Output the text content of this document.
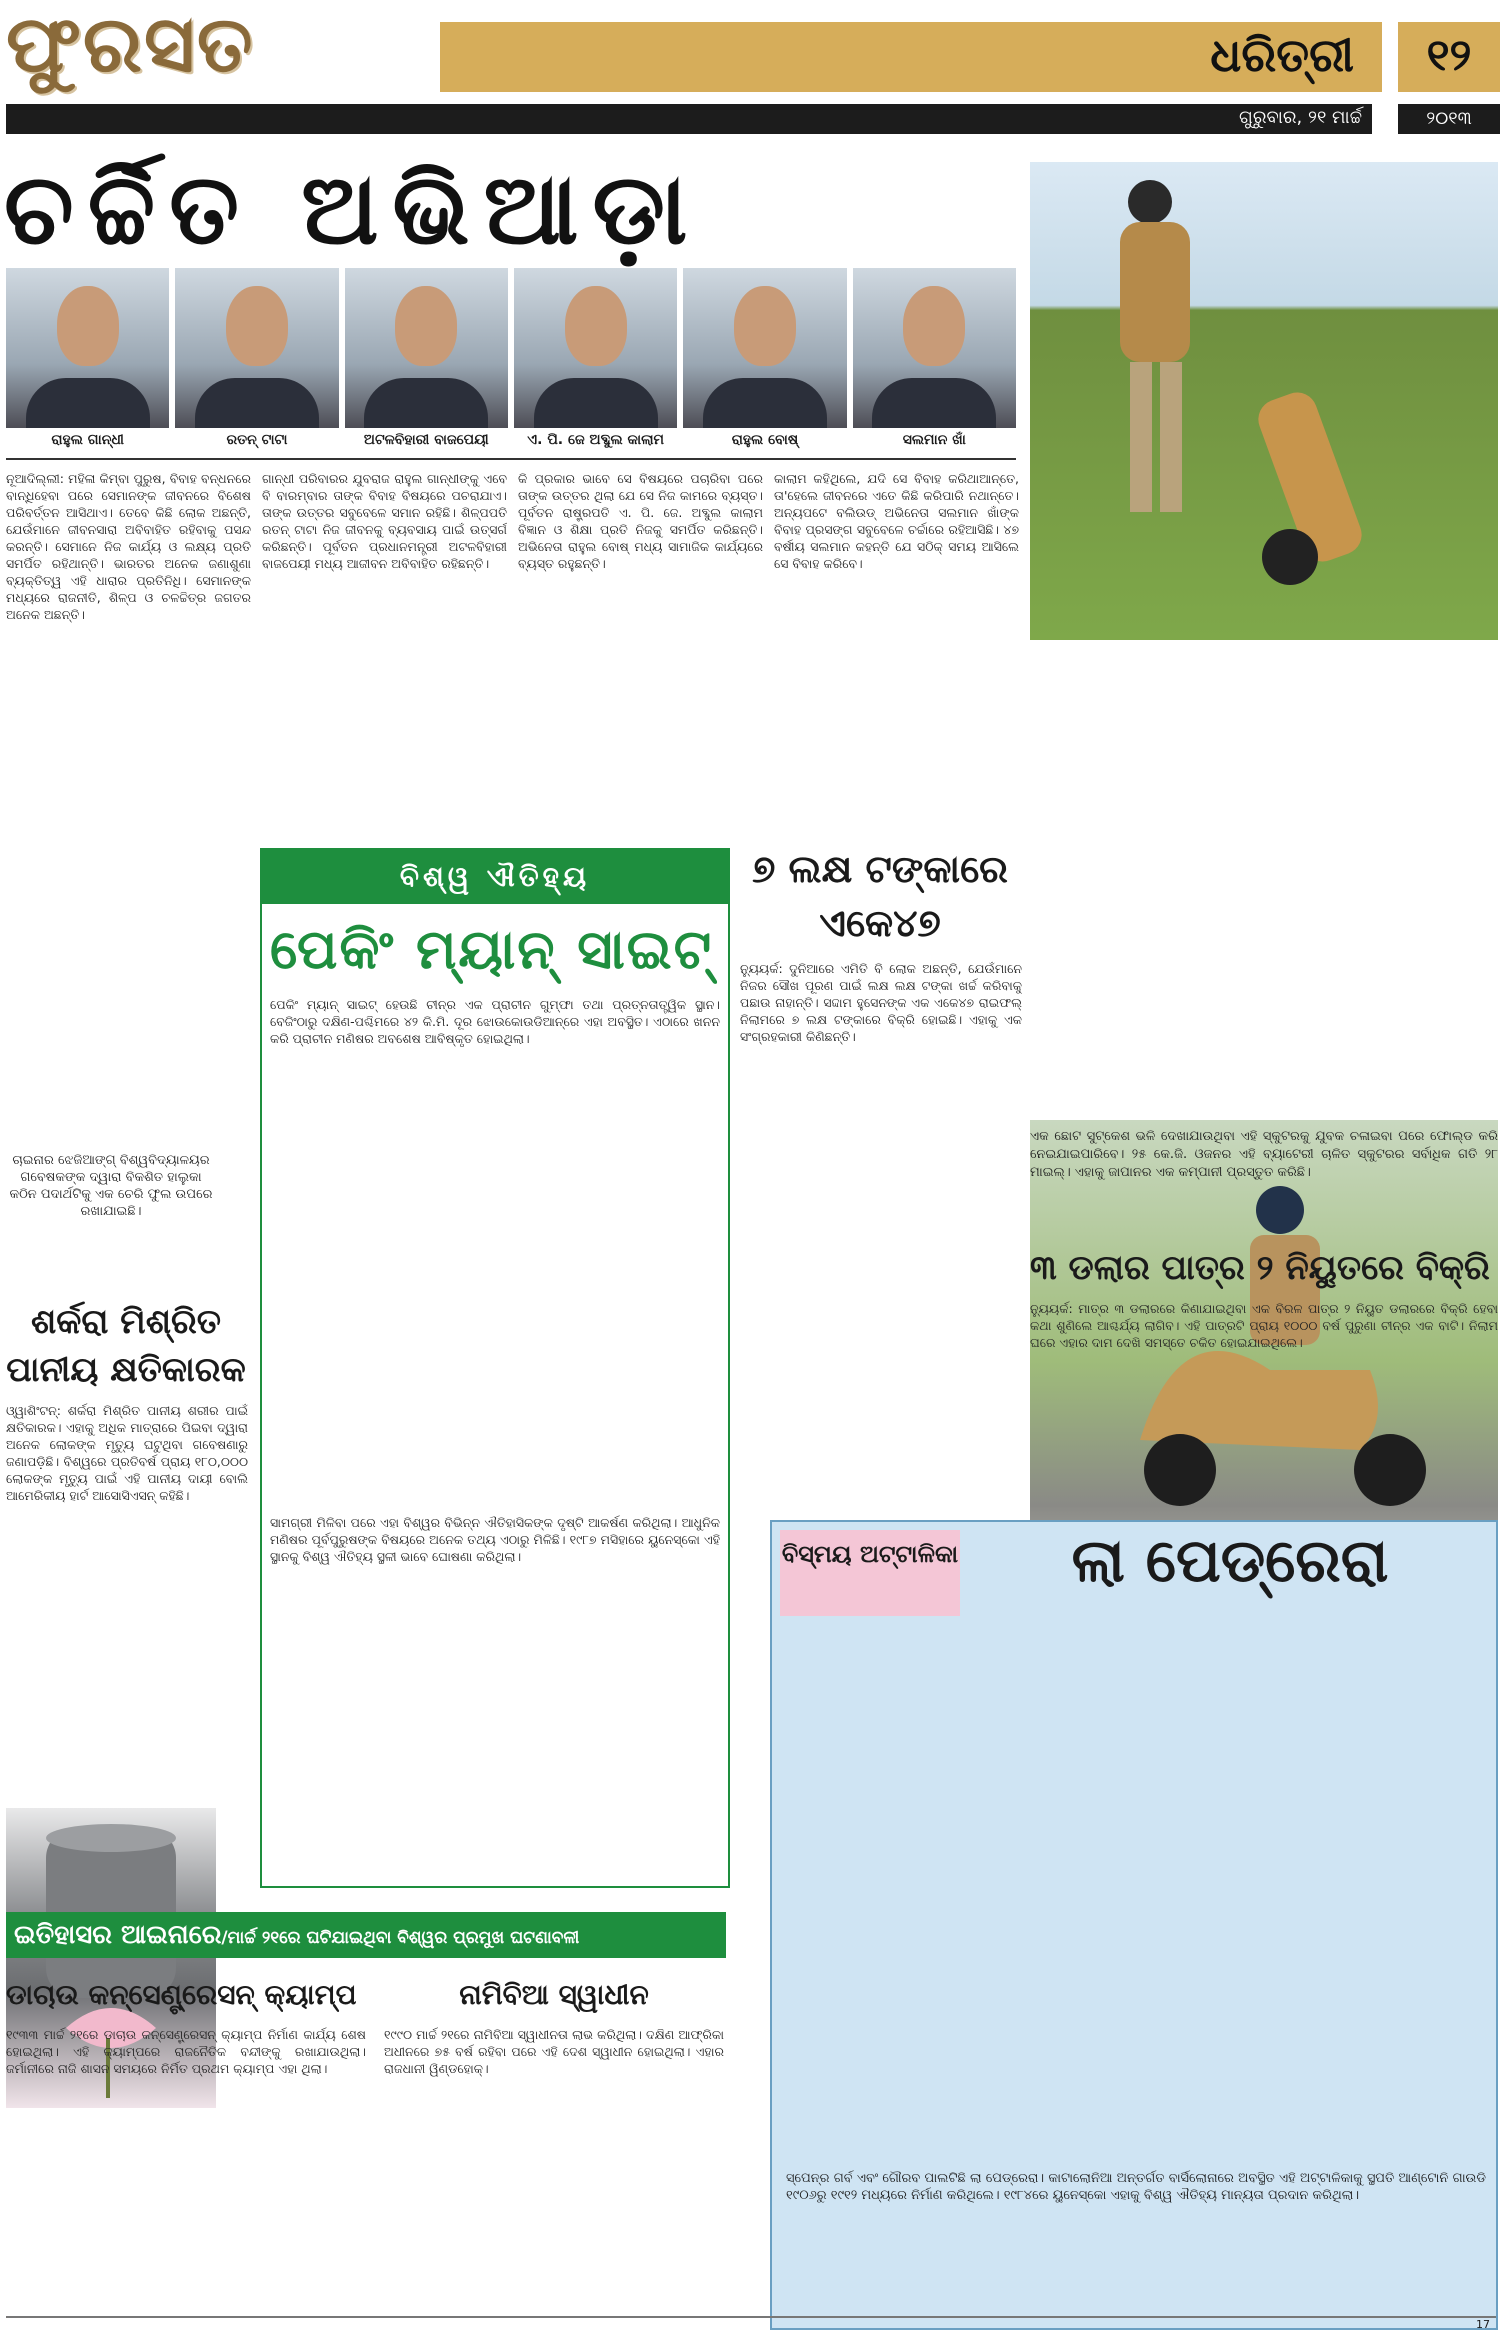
ଫୁରସତ	ଧରିତ୍ରୀ	୧୨
ଗୁରୁବାର, ୨୧ ମାର୍ଚ୍ଚ	୨୦୧୩
ଚର୍ଚ୍ଚିତ ଅଭିଆଡ଼ା
ରାହୁଲ ଗାନ୍ଧୀ	ରତନ୍ ଟାଟା	ଅଟଳବିହାରୀ ବାଜପେୟୀ	ଏ. ପି. ଜେ ଅବ୍ଦୁଲ କାଲାମ	ରାହୁଲ ବୋଷ୍	ସଲମାନ ଖାଁ
ନୂଆଦିଲ୍ଲୀ: ମହିଳା କିମ୍ବା ପୁରୁଷ, ବିବାହ ବନ୍ଧନରେ ବାନ୍ଧିହେବା ପରେ ସେମାନଙ୍କ ଜୀବନରେ ବିଶେଷ ପରିବର୍ତ୍ତନ ଆସିଥାଏ। ତେବେ କିଛି ଲୋକ ଅଛନ୍ତି, ଯେଉଁମାନେ ଜୀବନସାରା ଅବିବାହିତ ରହିବାକୁ ପସନ୍ଦ କରନ୍ତି। ସେମାନେ ନିଜ କାର୍ଯ୍ୟ ଓ ଲକ୍ଷ୍ୟ ପ୍ରତି ସମର୍ପିତ ରହିଥାନ୍ତି। ଭାରତର ଅନେକ ଜଣାଶୁଣା ବ୍ୟକ୍ତିତ୍ୱ ଏହି ଧାରାର ପ୍ରତିନିଧି। ସେମାନଙ୍କ ମଧ୍ୟରେ ରାଜନୀତି, ଶିଳ୍ପ ଓ ଚଳଚ୍ଚିତ୍ର ଜଗତର ଅନେକ ଅଛନ୍ତି।
ଗାନ୍ଧୀ ପରିବାରର ଯୁବରାଜ ରାହୁଲ ଗାନ୍ଧୀଙ୍କୁ ଏବେ ବି ବାରମ୍ବାର ତାଙ୍କ ବିବାହ ବିଷୟରେ ପଚରାଯାଏ। ତାଙ୍କ ଉତ୍ତର ସବୁବେଳେ ସମାନ ରହିଛି। ଶିଳ୍ପପତି ରତନ୍ ଟାଟା ନିଜ ଜୀବନକୁ ବ୍ୟବସାୟ ପାଇଁ ଉତ୍ସର୍ଗ କରିଛନ୍ତି। ପୂର୍ବତନ ପ୍ରଧାନମନ୍ତ୍ରୀ ଅଟଳବିହାରୀ ବାଜପେୟୀ ମଧ୍ୟ ଆଜୀବନ ଅବିବାହିତ ରହିଛନ୍ତି।
କି ପ୍ରକାର ଭାବେ ସେ ବିଷୟରେ ପଚାରିବା ପରେ ତାଙ୍କ ଉତ୍ତର ଥିଲା ଯେ ସେ ନିଜ କାମରେ ବ୍ୟସ୍ତ। ପୂର୍ବତନ ରାଷ୍ଟ୍ରପତି ଏ. ପି. ଜେ. ଅବ୍ଦୁଲ କାଲାମ ବିଜ୍ଞାନ ଓ ଶିକ୍ଷା ପ୍ରତି ନିଜକୁ ସମର୍ପିତ କରିଛନ୍ତି। ଅଭିନେତା ରାହୁଲ ବୋଷ୍ ମଧ୍ୟ ସାମାଜିକ କାର୍ଯ୍ୟରେ ବ୍ୟସ୍ତ ରହୁଛନ୍ତି।
କାଲାମ କହିଥିଲେ, ଯଦି ସେ ବିବାହ କରିଥାଆନ୍ତେ, ତା'ହେଲେ ଜୀବନରେ ଏତେ କିଛି କରିପାରି ନଥାନ୍ତେ। ଅନ୍ୟପଟେ ବଲିଉଡ୍ ଅଭିନେତା ସଲମାନ ଖାଁଙ୍କ ବିବାହ ପ୍ରସଙ୍ଗ ସବୁବେଳେ ଚର୍ଚ୍ଚାରେ ରହିଆସିଛି। ୪୭ ବର୍ଷୀୟ ସଲମାନ କହନ୍ତି ଯେ ସଠିକ୍ ସମୟ ଆସିଲେ ସେ ବିବାହ କରିବେ।
ଏକ ଛୋଟ ସୁଟ୍‌କେଶ ଭଳି ଦେଖାଯାଉଥିବା ଏହି ସ୍କୁଟରକୁ ଯୁବକ ଚଳାଇବା ପରେ ଫୋଲ୍ଡ କରି ନେଇଯାଇପାରିବେ। ୨୫ କେ.ଜି. ଓଜନର ଏହି ବ୍ୟାଟେରୀ ଚାଳିତ ସ୍କୁଟରର ସର୍ବାଧିକ ଗତି ୨୮ ମାଇଲ୍। ଏହାକୁ ଜାପାନର ଏକ କମ୍ପାନୀ ପ୍ରସ୍ତୁତ କରିଛି।
୩ ଡଲାର ପାତ୍ର ୨ ନିୟୁତରେ ବିକ୍ରି
ନ୍ୟୁୟର୍କ: ମାତ୍ର ୩ ଡଲାରରେ କିଣାଯାଇଥିବା ଏକ ବିରଳ ପାତ୍ର ୨ ନିୟୁତ ଡଲାରରେ ବିକ୍ରି ହେବା କଥା ଶୁଣିଲେ ଆଶ୍ଚର୍ଯ୍ୟ ଲାଗିବ। ଏହି ପାତ୍ରଟି ପ୍ରାୟ ୧୦୦୦ ବର୍ଷ ପୁରୁଣା ଚୀନ୍‌ର ଏକ ବାଟି। ନିଲାମ ଘରେ ଏହାର ଦାମ ଦେଖି ସମସ୍ତେ ଚକିତ ହୋଇଯାଇଥିଲେ।
ଚାଇନାର ଝେଜିଆଙ୍ଗ୍ ବିଶ୍ୱବିଦ୍ୟାଳୟର ଗବେଷକଙ୍କ ଦ୍ୱାରା ବିକଶିତ ହାଲୁକା କଠିନ ପଦାର୍ଥଟିକୁ ଏକ ଚେରି ଫୁଲ ଉପରେ ରଖାଯାଇଛି।
ଶର୍କରା ମିଶ୍ରିତ ପାନୀୟ କ୍ଷତିକାରକ
ଓ୍ୱାଶିଂଟନ୍: ଶର୍କରା ମିଶ୍ରିତ ପାନୀୟ ଶରୀର ପାଇଁ କ୍ଷତିକାରକ। ଏହାକୁ ଅଧିକ ମାତ୍ରାରେ ପିଇବା ଦ୍ୱାରା ଅନେକ ଲୋକଙ୍କ ମୃତ୍ୟୁ ଘଟୁଥିବା ଗବେଷଣାରୁ ଜଣାପଡ଼ିଛି। ବିଶ୍ୱରେ ପ୍ରତିବର୍ଷ ପ୍ରାୟ ୧୮୦,୦୦୦ ଲୋକଙ୍କ ମୃତ୍ୟୁ ପାଇଁ ଏହି ପାନୀୟ ଦାୟୀ ବୋଲି ଆମେରିକୀୟ ହାର୍ଟ ଆସୋସିଏସନ୍ କହିଛି।
ବିଶ୍ୱ ଐତିହ୍ୟ
ପେକିଂ ମ୍ୟାନ୍ ସାଇଟ୍
ପେକିଂ ମ୍ୟାନ୍ ସାଇଟ୍ ହେଉଛି ଚୀନ୍‌ର ଏକ ପ୍ରାଚୀନ ଗୁମ୍ଫା ତଥା ପ୍ରତ୍ନତାତ୍ତ୍ୱିକ ସ୍ଥାନ। ବେଜିଂଠାରୁ ଦକ୍ଷିଣ-ପଶ୍ଚିମରେ ୪୨ କି.ମି. ଦୂର ଝୋଉକୋଉଡିଆନ୍‌ରେ ଏହା ଅବସ୍ଥିତ। ଏଠାରେ ଖନନ କରି ପ୍ରାଚୀନ ମଣିଷର ଅବଶେଷ ଆବିଷ୍କୃତ ହୋଇଥିଲା।
ସାମଗ୍ରୀ ମିଳିବା ପରେ ଏହା ବିଶ୍ୱର ବିଭିନ୍ନ ଐତିହାସିକଙ୍କ ଦୃଷ୍ଟି ଆକର୍ଷଣ କରିଥିଲା। ଆଧୁନିକ ମଣିଷର ପୂର୍ବପୁରୁଷଙ୍କ ବିଷୟରେ ଅନେକ ତଥ୍ୟ ଏଠାରୁ ମିଳିଛି। ୧୯୮୭ ମସିହାରେ ୟୁନେସ୍କୋ ଏହି ସ୍ଥାନକୁ ବିଶ୍ୱ ଐତିହ୍ୟ ସ୍ଥଳୀ ଭାବେ ଘୋଷଣା କରିଥିଲା।
୭ ଲକ୍ଷ ଟଙ୍କାରେ ଏକେ୪୭
ନ୍ୟୁୟର୍କ: ଦୁନିଆରେ ଏମିତି ବି ଲୋକ ଅଛନ୍ତି, ଯେଉଁମାନେ ନିଜର ସୌଖ ପୂରଣ ପାଇଁ ଲକ୍ଷ ଲକ୍ଷ ଟଙ୍କା ଖର୍ଚ୍ଚ କରିବାକୁ ପଛାଉ ନାହାନ୍ତି। ସଦ୍ଦାମ ହୁସେନଙ୍କ ଏକ ଏକେ୪୭ ରାଇଫଲ୍ ନିଲାମରେ ୭ ଲକ୍ଷ ଟଙ୍କାରେ ବିକ୍ରି ହୋଇଛି। ଏହାକୁ ଏକ ସଂଗ୍ରହକାରୀ କିଣିଛନ୍ତି।
ଇତିହାସର ଆଇନାରେ/ମାର୍ଚ୍ଚ ୨୧ରେ ଘଟିଯାଇଥିବା ବିଶ୍ୱର ପ୍ରମୁଖ ଘଟଣାବଳୀ
ଡାଚାଉ କନ୍‌ସେଣ୍ଟ୍ରେସନ୍ କ୍ୟାମ୍ପ
୧୯୩୩ ମାର୍ଚ୍ଚ ୨୧ରେ ଡାଚାଉ କନ୍‌ସେଣ୍ଟ୍ରେସନ୍ କ୍ୟାମ୍ପ ନିର୍ମାଣ କାର୍ଯ୍ୟ ଶେଷ ହୋଇଥିଲା। ଏହି କ୍ୟାମ୍ପରେ ରାଜନୈତିକ ବନ୍ଦୀଙ୍କୁ ରଖାଯାଉଥିଲା। ଜର୍ମାନୀରେ ନାଜି ଶାସନ ସମୟରେ ନିର୍ମିତ ପ୍ରଥମ କ୍ୟାମ୍ପ ଏହା ଥିଲା।
ନାମିବିଆ ସ୍ୱାଧୀନ
୧୯୯୦ ମାର୍ଚ୍ଚ ୨୧ରେ ନାମିବିଆ ସ୍ୱାଧୀନତା ଲାଭ କରିଥିଲା। ଦକ୍ଷିଣ ଆଫ୍ରିକା ଅଧୀନରେ ୭୫ ବର୍ଷ ରହିବା ପରେ ଏହି ଦେଶ ସ୍ୱାଧୀନ ହୋଇଥିଲା। ଏହାର ରାଜଧାନୀ ୱିଣ୍ଡହୋକ୍।
ବିସ୍ମୟ ଅଟ୍ଟାଳିକା	ଲା ପେଡ୍ରେରା
ସ୍ପେନ୍‌ର ଗର୍ବ ଏବଂ ଗୌରବ ପାଲଟିଛି ଲା ପେଡ୍ରେରା। କାଟାଲୋନିଆ ଅନ୍ତର୍ଗତ ବାର୍ସିଲୋନାରେ ଅବସ୍ଥିତ ଏହି ଅଟ୍ଟାଳିକାକୁ ସ୍ଥପତି ଆଣ୍ଟୋନି ଗାଉଡି ୧୯୦୬ରୁ ୧୯୧୨ ମଧ୍ୟରେ ନିର୍ମାଣ କରିଥିଲେ। ୧୯୮୪ରେ ୟୁନେସ୍କୋ ଏହାକୁ ବିଶ୍ୱ ଐତିହ୍ୟ ମାନ୍ୟତା ପ୍ରଦାନ କରିଥିଲା।
17
